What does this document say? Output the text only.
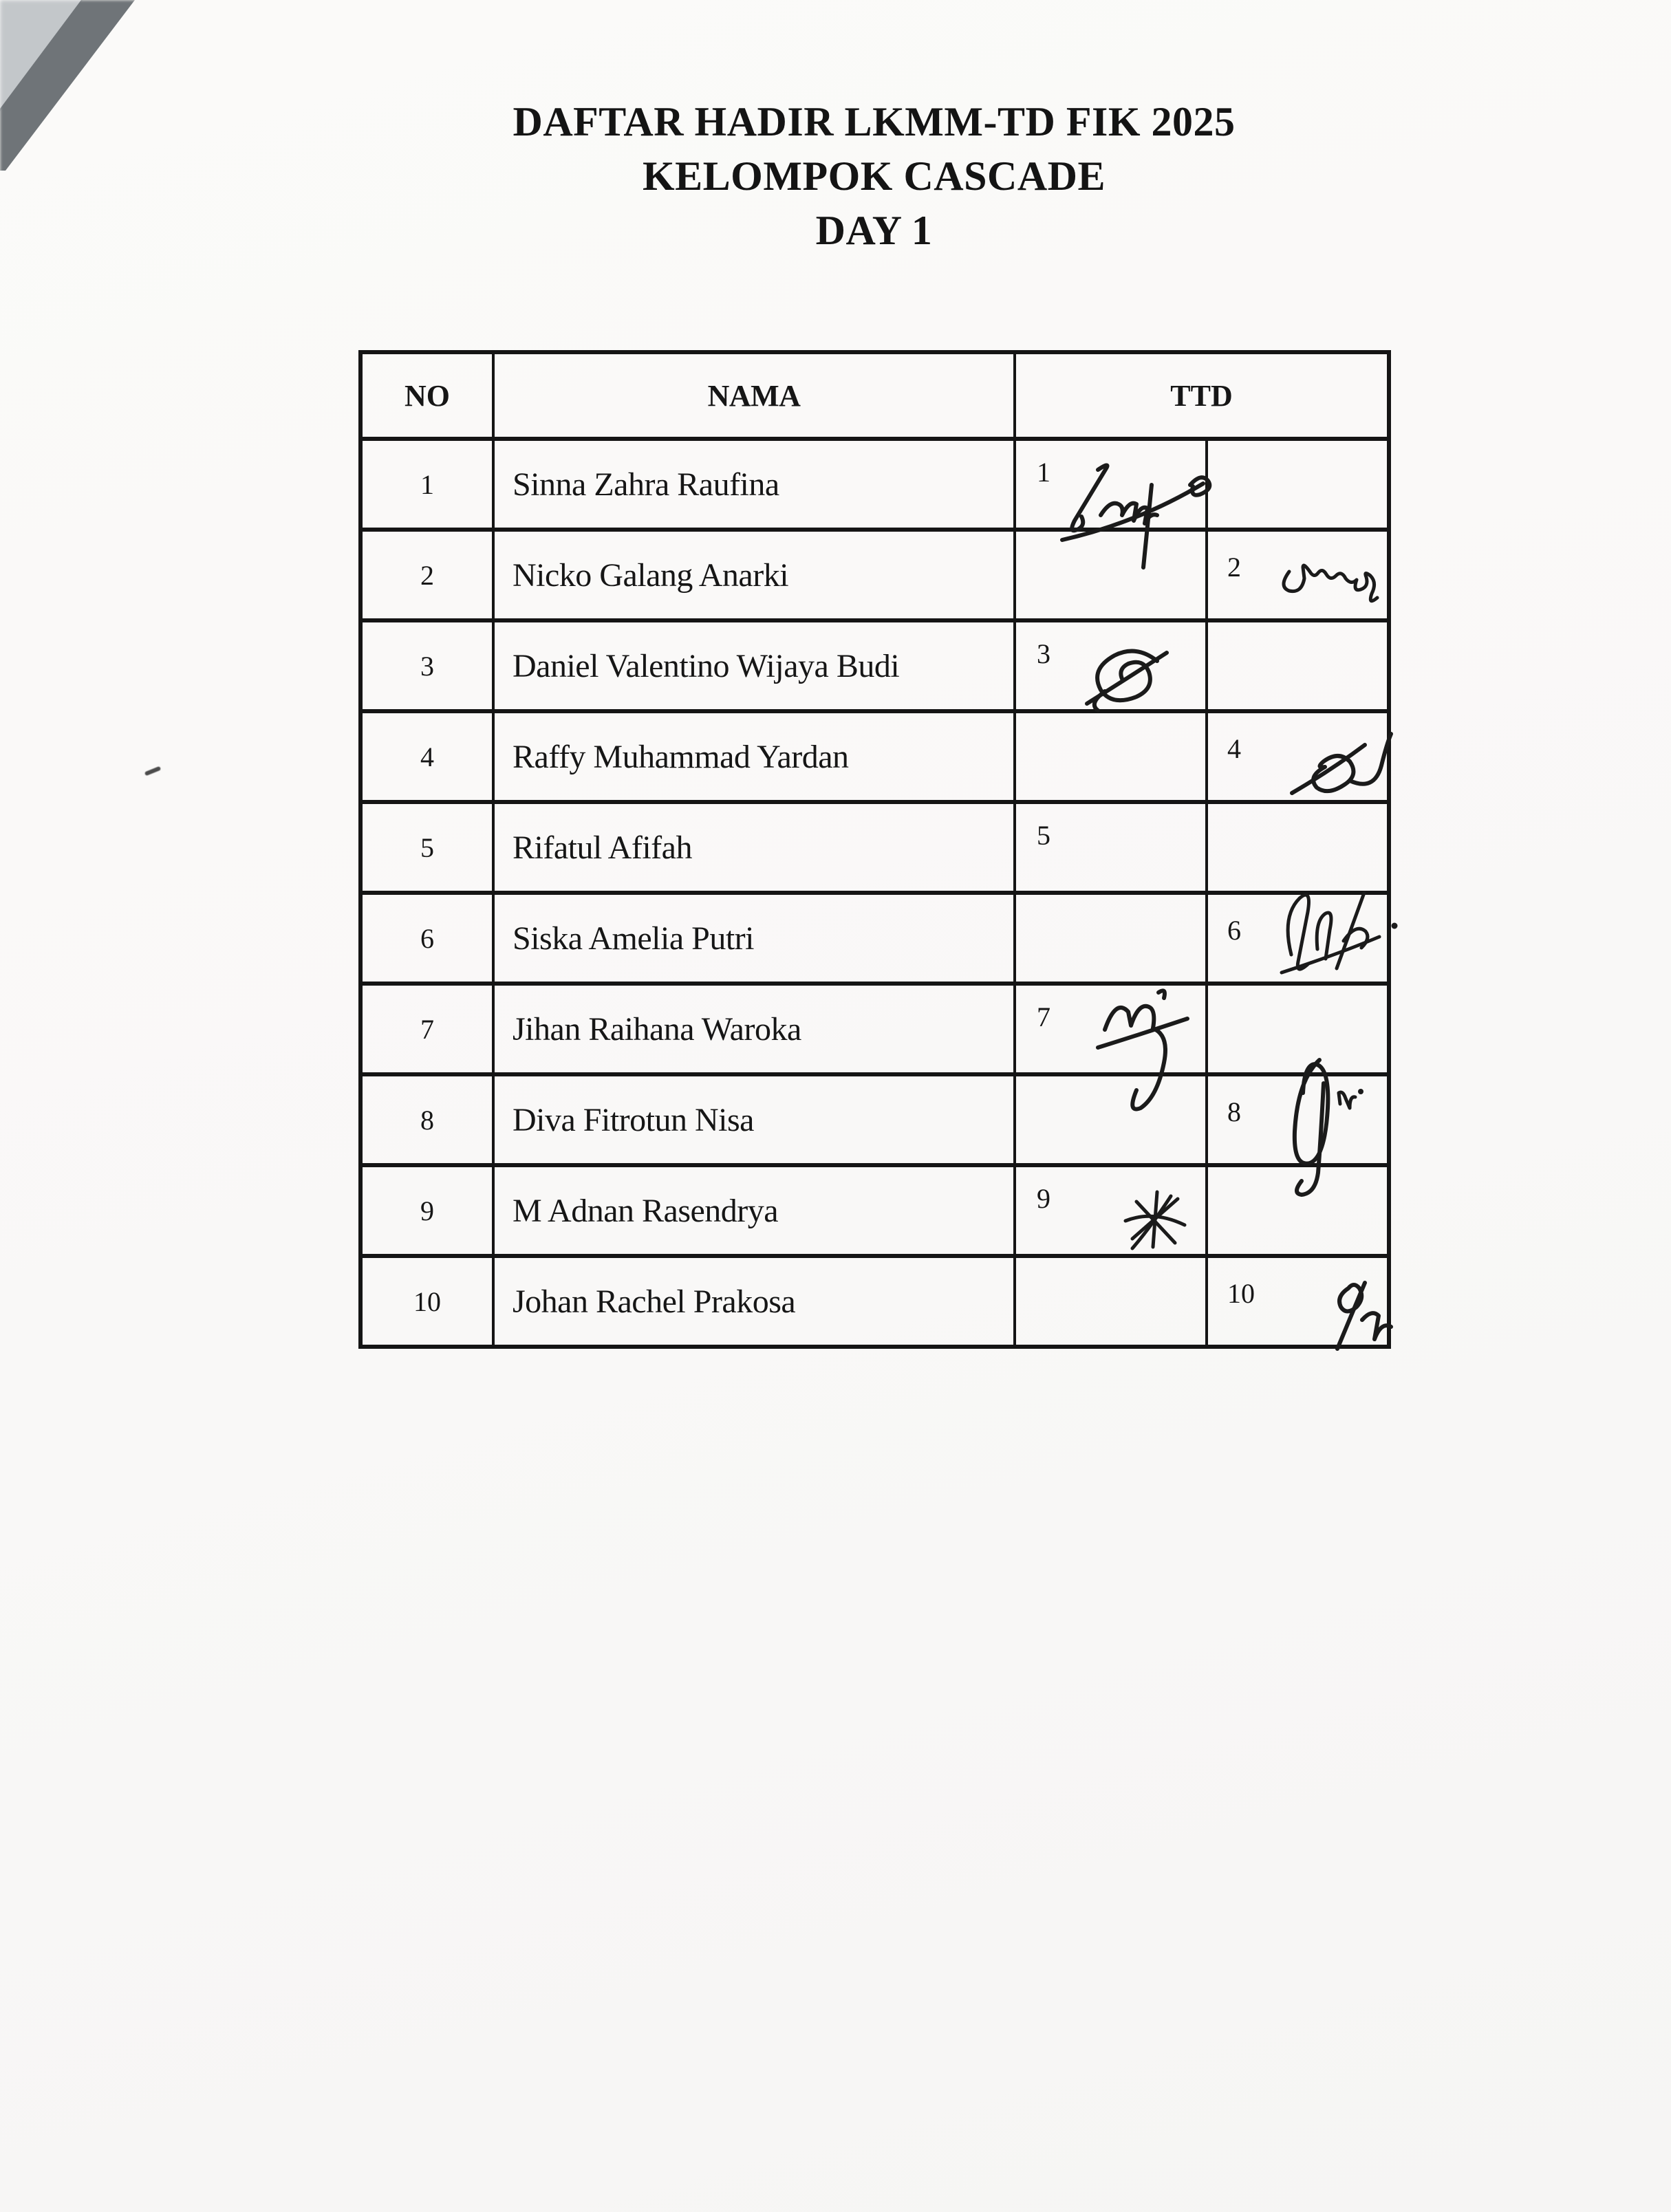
DAFTAR HADIR LKMM-TD FIK 2025
KELOMPOK CASCADE
DAY 1
NO	NAMA	TTD
1	Sinna Zahra Raufina	1
2	Nicko Galang Anarki	2
3	Daniel Valentino Wijaya Budi	3
4	Raffy Muhammad Yardan	4
5	Rifatul Afifah	5
6	Siska Amelia Putri	6
7	Jihan Raihana Waroka	7
8	Diva Fitrotun Nisa	8
9	M Adnan Rasendrya	9
10	Johan Rachel Prakosa	10
